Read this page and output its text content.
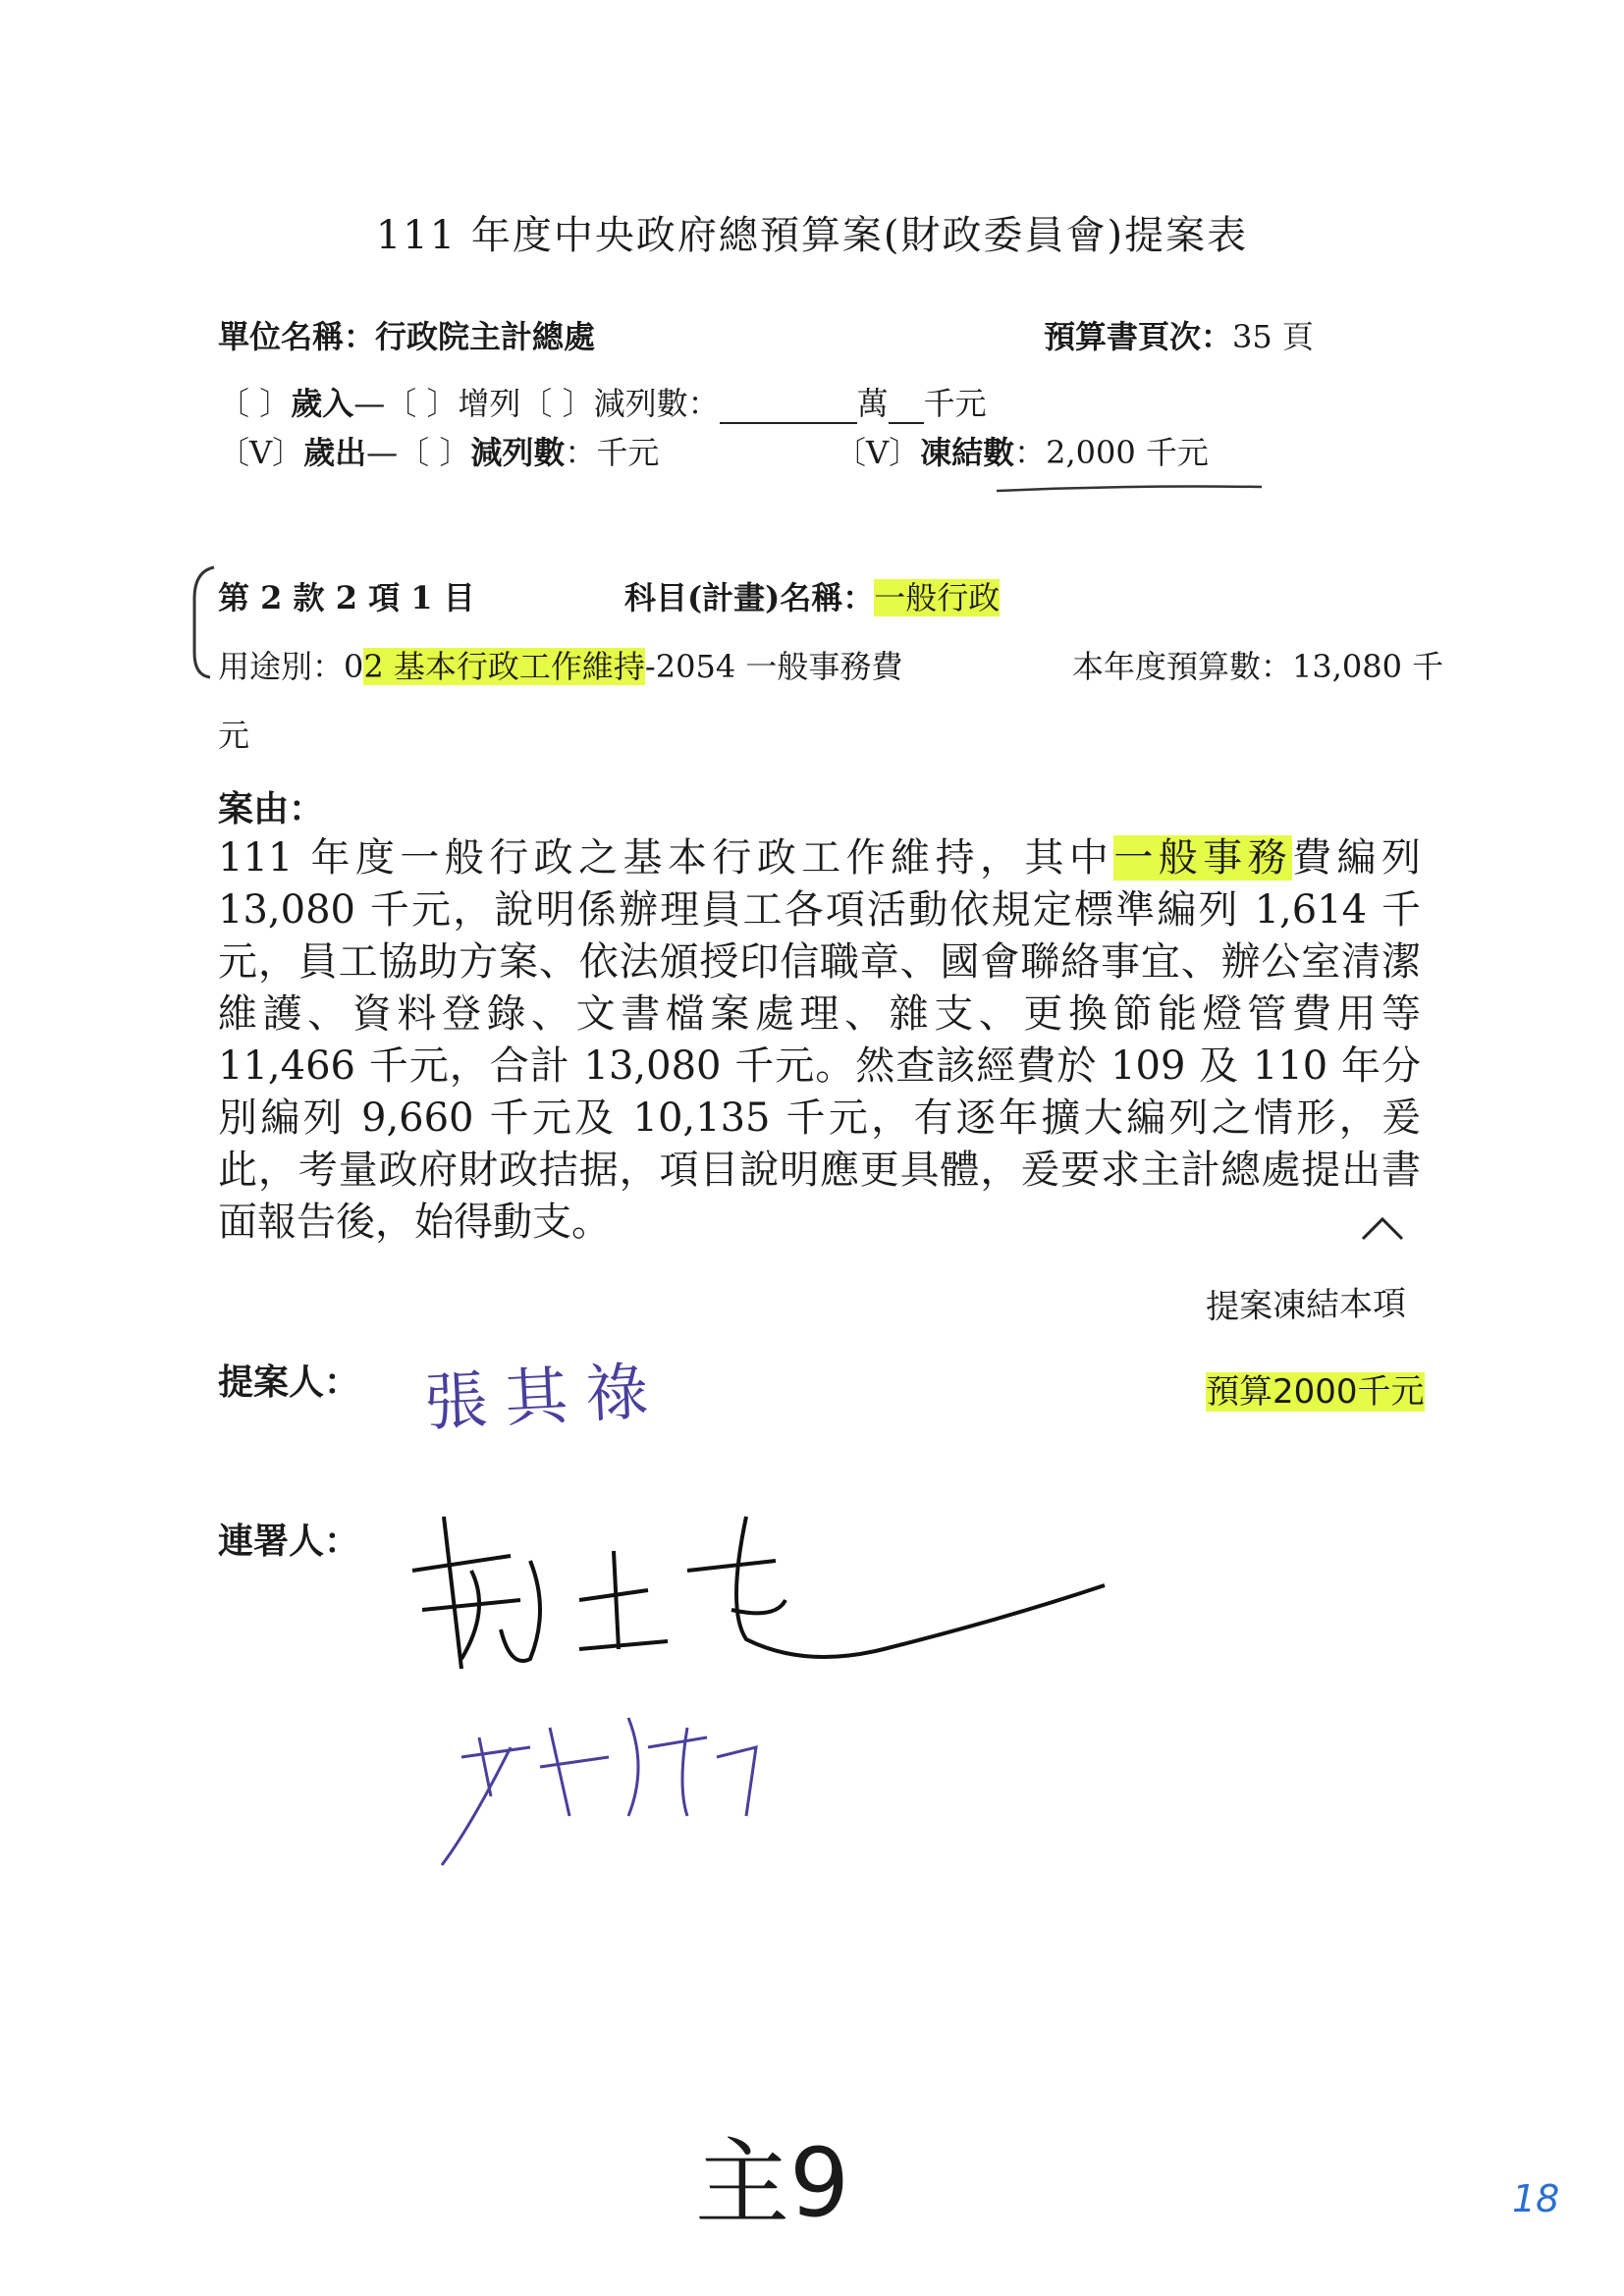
111 年度中央政府總預算案(財政委員會)提案表
單位名稱：行政院主計總處	預算書頁次：35 頁
〔 〕歲入—〔 〕增列〔 〕減列數：	萬 千元
〔V〕歲出—〔 〕減列數：千元	〔V〕凍結數：2,000 千元
第 2 款 2 項 1 目	科目(計畫)名稱：一般行政
用途別：02 基本行政工作維持-2054 一般事務費	本年度預算數：13,080 千
元
案由：

111 年度一般行政之基本行政工作維持，其中一般事務費編列 13,080 千元，說明係辦理員工各項活動依規定標準編列 1,614 千元，員工協助方案、依法頒授印信職章、國會聯絡事宜、辦公室清潔維護、資料登錄、文書檔案處理、雜支、更換節能燈管費用等 11,466 千元，合計 13,080 千元。然查該經費於 109 及 110 年分別編列 9,660 千元及 10,135 千元，有逐年擴大編列之情形，爰此，考量政府財政拮据，項目說明應更具體，爰要求主計總處提出書面報告後，始得動支。

提案凍結本項
預算2000千元
提案人： 張其祿
連署人：
主9	18
